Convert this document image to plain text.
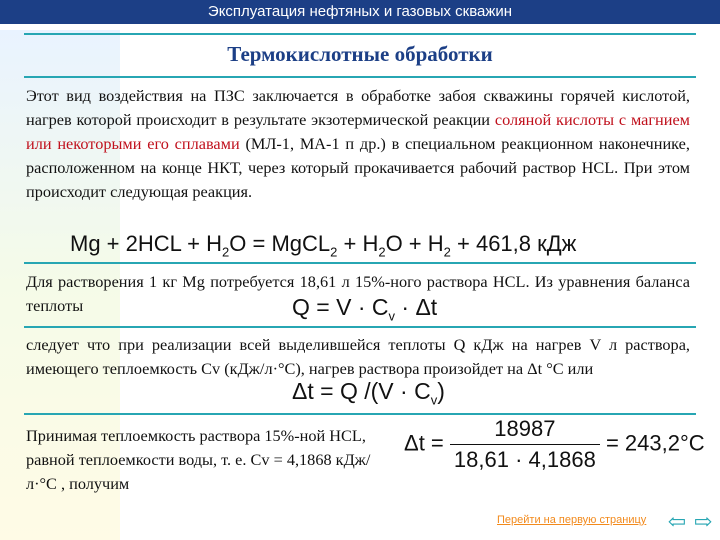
Эксплуатация нефтяных и газовых скважин
Термокислотные обработки
Этот вид воздействия на ПЗС заключается в обработке забоя скважины горячей кислотой, нагрев которой происходит в результате экзотермической реакции соляной кислоты с магнием или некоторыми его сплавами (МЛ-1, МА-1 п др.) в специальном реакционном наконечнике, расположенном на конце НКТ, через который прокачивается рабочий раствор HCL. При этом происходит следующая реакция.
$Mg + 2HCL + H_2O$ = MgCL$_2$ + $H_2O + H_2 + 461,8$ кДж
Для растворения 1 кг Mg потребуется 18,61 л 15%-ного раствора HCL. Из уравнения баланса теплоты	$Q = V \cdot C_v \cdot \Delta t$
следует что при реализации всей выделившейся теплоты Q кДж на нагрев V л раствора, имеющего теплоемкость Cv (кДж/л·°С), нагрев раствора произойдет на Δt °С или
Δt = Q $/(V \cdot C_v)$
Принимая теплоемкость раствора 15%-ной HCL, равной теплоемкости воды, т. е. Cv = 4,1868 кДж/л·°С , получим
$\Delta t = \frac{18987}{18,61 \cdot 4,1868} = 243,2^\circ C$
Перейти на первую страницу ⇦ ⇨
